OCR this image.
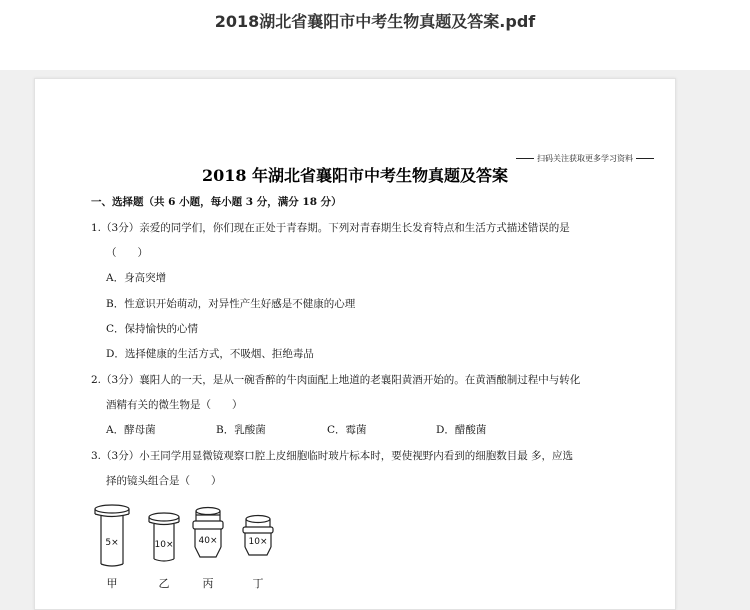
2018湖北省襄阳市中考生物真题及答案.pdf
扫码关注获取更多学习资料
2018 年湖北省襄阳市中考生物真题及答案
一、选择题（共 6 小题，每小题 3 分，满分 18 分）
1.（3分）亲爱的同学们，你们现在正处于青春期。下列对青春期生长发育特点和生活方式描述错误的是
（　　）
A．身高突增
B．性意识开始萌动，对异性产生好感是不健康的心理
C．保持愉快的心情
D．选择健康的生活方式，不吸烟、拒绝毒品
2.（3分）襄阳人的一天，是从一碗香醉的牛肉面配上地道的老襄阳黄酒开始的。在黄酒酿制过程中与转化
酒精有关的微生物是（　　）
A．酵母菌	B．乳酸菌	C．霉菌	D．醋酸菌
3.（3分）小王同学用显微镜观察口腔上皮细胞临时玻片标本时，要使视野内看到的细胞数目最 多，应选
择的镜头组合是（　　）
5×	10×	40×	10×
甲	乙	丙	丁
